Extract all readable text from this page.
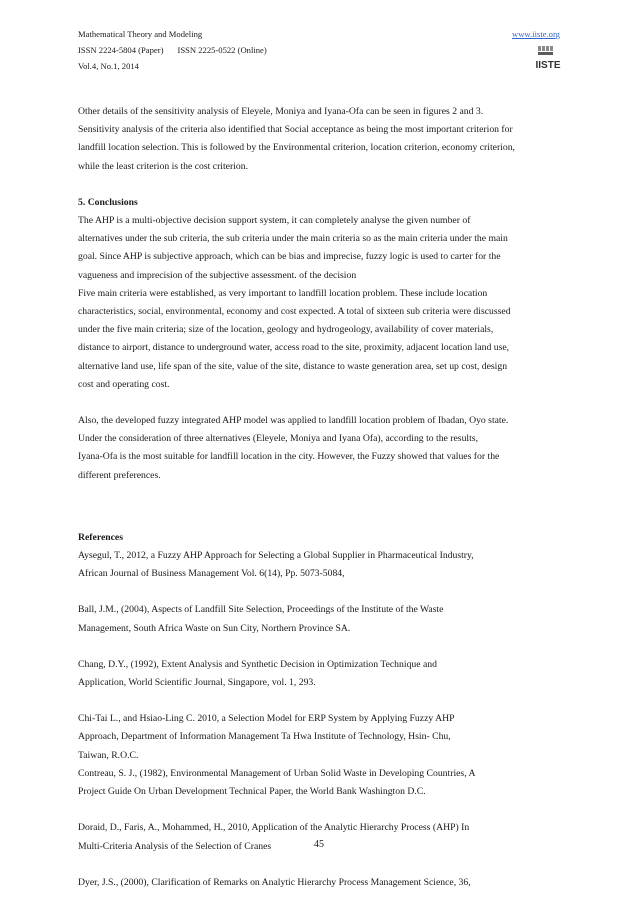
Mathematical Theory and Modeling
ISSN 2224-5804 (Paper) ISSN 2225-0522 (Online)
Vol.4, No.1, 2014
www.iiste.org
IISTE
Other details of the sensitivity analysis of Eleyele, Moniya and Iyana-Ofa can be seen in figures 2 and 3.
Sensitivity analysis of the criteria also identified that Social acceptance as being the most important criterion for
landfill location selection. This is followed by the Environmental criterion, location criterion, economy criterion,
while the least criterion is the cost criterion.
5. Conclusions
The AHP is a multi-objective decision support system, it can completely analyse the given number of
alternatives under the sub criteria, the sub criteria under the main criteria so as the main criteria under the main
goal. Since AHP is subjective approach, which can be bias and imprecise, fuzzy logic is used to carter for the
vagueness and imprecision of the subjective assessment. of the decision
Five main criteria were established, as very important to landfill location problem. These include location
characteristics, social, environmental, economy and cost expected. A total of sixteen sub criteria were discussed
under the five main criteria; size of the location, geology and hydrogeology, availability of cover materials,
distance to airport, distance to underground water, access road to the site, proximity, adjacent location land use,
alternative land use, life span of the site, value of the site, distance to waste generation area, set up cost, design
cost and operating cost.
Also, the developed fuzzy integrated AHP model was applied to landfill location problem of Ibadan, Oyo state.
Under the consideration of three alternatives (Eleyele, Moniya and Iyana Ofa), according to the results,
Iyana-Ofa is the most suitable for landfill location in the city. However, the Fuzzy showed that values for the
different preferences.
References
Aysegul, T., 2012, a Fuzzy AHP Approach for Selecting a Global Supplier in Pharmaceutical Industry,
African Journal of Business Management Vol. 6(14), Pp. 5073-5084,
Ball, J.M., (2004), Aspects of Landfill Site Selection, Proceedings of the Institute of the Waste
Management, South Africa Waste on Sun City, Northern Province SA.
Chang, D.Y., (1992), Extent Analysis and Synthetic Decision in Optimization Technique and
Application, World Scientific Journal, Singapore, vol. 1, 293.
Chi-Tai L., and Hsiao-Ling C. 2010, a Selection Model for ERP System by Applying Fuzzy AHP
Approach, Department of Information Management Ta Hwa Institute of Technology, Hsin- Chu,
Taiwan, R.O.C.
Contreau, S. J., (1982), Environmental Management of Urban Solid Waste in Developing Countries, A
Project Guide On Urban Development Technical Paper, the World Bank Washington D.C.
Doraid, D., Faris, A., Mohammed, H., 2010, Application of the Analytic Hierarchy Process (AHP) In
Multi-Criteria Analysis of the Selection of Cranes
Dyer, J.S., (2000), Clarification of Remarks on Analytic Hierarchy Process Management Science, 36,
45
